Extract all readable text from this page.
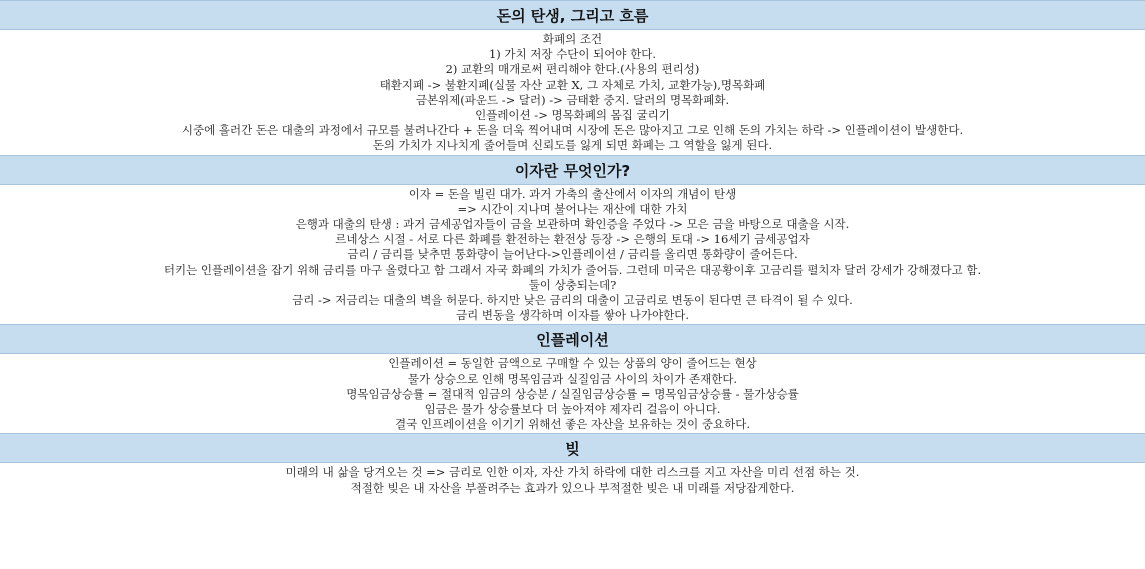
돈의 탄생, 그리고 흐름
화폐의 조건
1) 가치 저장 수단이 되어야 한다.
2) 교환의 매개로써 편리해야 한다.(사용의 편리성)
태환지폐 -> 불환지폐(실물 자산 교환 X, 그 자체로 가치, 교환가능),명목화폐
금본위제(파운드 -> 달러) -> 금태환 중지. 달러의 명목화폐화.
인플레이션 -> 명목화폐의 몸집 굴리기
시중에 흘러간 돈은 대출의 과정에서 규모를 불려나간다 + 돈을 더욱 찍어내며 시장에 돈은 많아지고 그로 인해 돈의 가치는 하락 -> 인플레이션이 발생한다.
돈의 가치가 지나치게 줄어들며 신뢰도를 잃게 되면 화폐는 그 역할을 잃게 된다.
이자란 무엇인가?
이자 = 돈을 빌린 대가. 과거 가축의 출산에서 이자의 개념이 탄생
=> 시간이 지나며 불어나는 재산에 대한 가치
은행과 대출의 탄생 : 과거 금세공업자들이 금을 보관하며 확인증을 주었다 -> 모은 금을 바탕으로 대출을 시작.
르네상스 시절 - 서로 다른 화폐를 환전하는 환전상 등장 -> 은행의 토대 -> 16세기 금세공업자
금리 / 금리를 낮추면 통화량이 늘어난다->인플레이션 / 금리를 올리면 통화량이 줄어든다.
터키는 인플레이션을 잡기 위해 금리를 마구 올렸다고 함 그래서 자국 화폐의 가치가 줄어듬. 그런데 미국은 대공황이후 고금리를 펼치자 달러 강세가 강해졌다고 함.
둘이 상충되는데?
금리 -> 저금리는 대출의 벽을 허문다. 하지만 낮은 금리의 대출이 고금리로 변동이 된다면 큰 타격이 될 수 있다.
금리 변동을 생각하며 이자를 쌓아 나가야한다.
인플레이션
인플레이션 = 동일한 금액으로 구매할 수 있는 상품의 양이 줄어드는 현상
물가 상승으로 인해 명목임금과 실질임금 사이의 차이가 존재한다.
명목임금상승률 = 절대적 임금의 상승분 / 실질임금상승률 = 명목임금상승률 - 물가상승률
임금은 물가 상승률보다 더 높아져야 제자리 걸음이 아니다.
결국 인프레이션을 이기기 위해선 좋은 자산을 보유하는 것이 중요하다.
빚
미래의 내 삶을 당겨오는 것 => 금리로 인한 이자, 자산 가치 하락에 대한 리스크를 지고 자산을 미리 선점 하는 것.
적절한 빚은 내 자산을 부풀려주는 효과가 있으나 부적절한 빚은 내 미래를 저당잡게한다.
